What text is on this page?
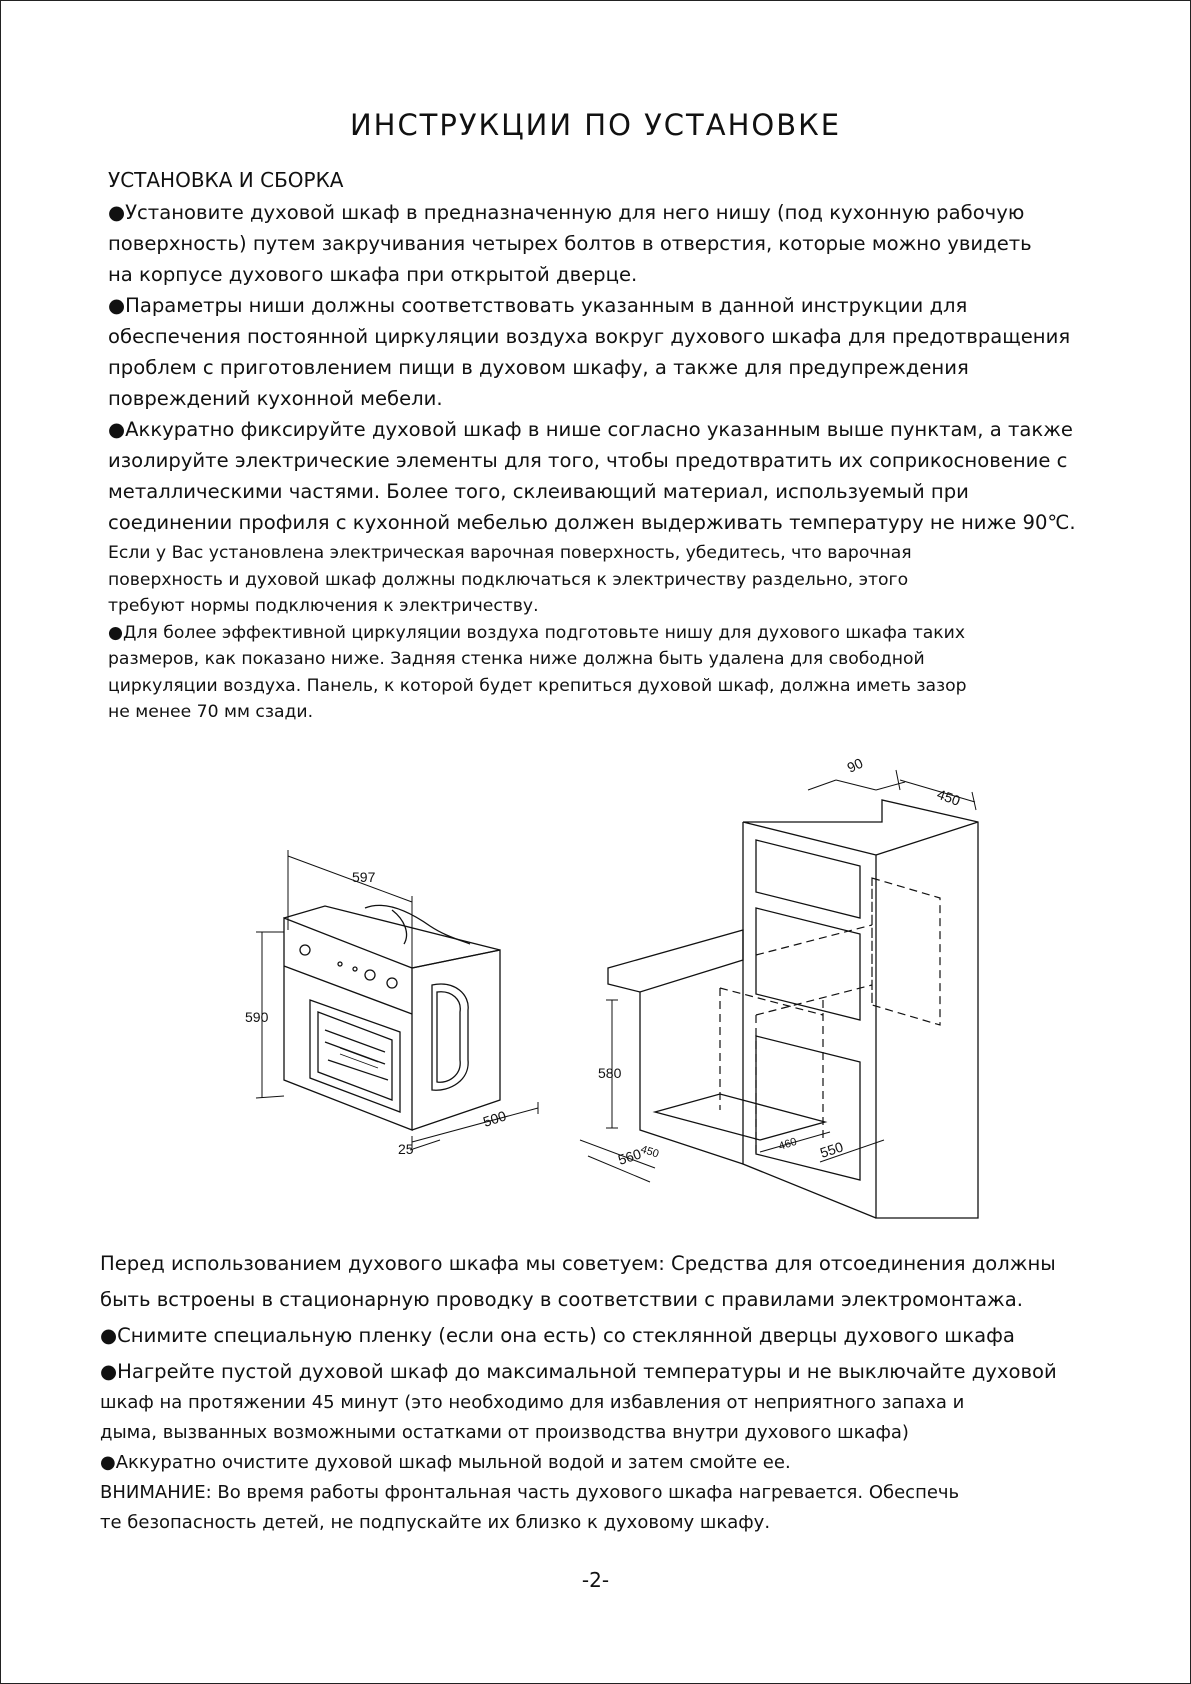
ИНСТРУКЦИИ ПО УСТАНОВКЕ
УСТАНОВКА И СБОРКА
●Установите духовой шкаф в предназначенную для него нишу (под кухонную рабочую
поверхность) путем закручивания четырех болтов в отверстия, которые можно увидеть
на корпусе духового шкафа при открытой дверце.
●Параметры ниши должны соответствовать указанным в данной инструкции для
обеспечения постоянной циркуляции воздуха вокруг духового шкафа для предотвращения
проблем с приготовлением пищи в духовом шкафу, а также для предупреждения
повреждений кухонной мебели.
●Аккуратно фиксируйте духовой шкаф в нише согласно указанным выше пунктам, а также
изолируйте электрические элементы для того, чтобы предотвратить их соприкосновение с
металлическими частями. Более того, склеивающий материал, используемый при
соединении профиля с кухонной мебелью должен выдерживать температуру не ниже 90℃.
Если у Вас установлена электрическая варочная поверхность, убедитесь, что варочная
поверхность и духовой шкаф должны подключаться к электричеству раздельно, этого
требуют нормы подключения к электричеству.
●Для более эффективной циркуляции воздуха подготовьте нишу для духового шкафа таких
размеров, как показано ниже. Задняя стенка ниже должна быть удалена для свободной
циркуляции воздуха. Панель, к которой будет крепиться духовой шкаф, должна иметь зазор
не менее 70 мм сзади.
597
590
500
25
90
450
580
560
450	460 550
Перед использованием духового шкафа мы советуем: Средства для отсоединения должны
быть встроены в стационарную проводку в соответствии с правилами электромонтажа.
●Снимите специальную пленку (если она есть) со стеклянной дверцы духового шкафа
●Нагрейте пустой духовой шкаф до максимальной температуры и не выключайте духовой
шкаф на протяжении 45 минут (это необходимо для избавления от неприятного запаха и
дыма, вызванных возможными остатками от производства внутри духового шкафа)
●Аккуратно очистите духовой шкаф мыльной водой и затем смойте ее.
ВНИМАНИЕ: Во время работы фронтальная часть духового шкафа нагревается. Обеспечь
те безопасность детей, не подпускайте их близко к духовому шкафу.
-2-
